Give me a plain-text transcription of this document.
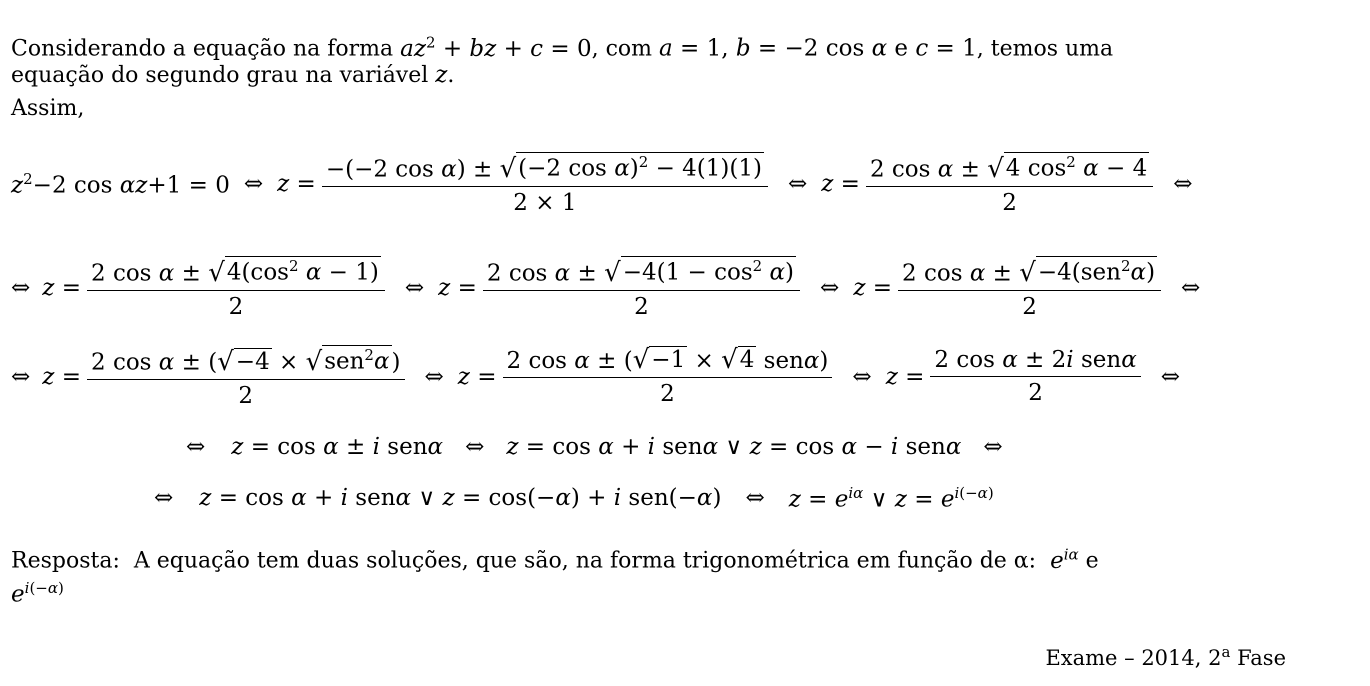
Considerando a equação na forma $az^2$ + bz + c = 0, com a = 1, b = −2 cos α e c = 1, temos uma
equação do segundo grau na variável z.
Assim,
$z^2-2$ cos αz+1 = 0 ⇔ $z = \frac{-(-2 \cos \alpha) \pm √ (-2 \cos \alpha)^2 - 4(1)(1)}{2 \times 1}$ ⇔ $z = \frac{2 \cos \alpha \pm √ 4 \cos^2 \alpha - 4}{2}$ ⇔
⇔ $z = \frac{2 \cos \alpha \pm √ 4(\cos^2 \alpha - 1)}{2}$ ⇔ $z = \frac{2 \cos \alpha \pm √ -4(1 - \cos^2 \alpha)}{2}$ ⇔ $z = \frac{2 \cos \alpha \pm √ -4(sen^2\alpha)}{2}$ ⇔
⇔ $z = \frac{2 \cos \alpha \pm ( √ -4 \times √ sen^2\alpha )}{2}$ ⇔ $z = \frac{\text{2 cos α ± ( √ −1 × √ 4 senα)}}{2}$ ⇔ $z = \frac{\text{2 cos α ± 2i senα}}{2}$ ⇔
⇔ z = cos α ± i senα ⇔ z = cos α + i senα ∨ z = cos α − i senα ⇔
⇔ z = cos α + i senα ∨ z = cos(−α) + i sen(−α) ⇔ $z = e^{i\alpha}$ ∨ $z = e^{i(-\alpha)}$
Resposta: A equação tem duas soluções, que são, na forma trigonométrica em função de α: $e^{i\alpha}$ e
$e^{i(-\alpha)}$
Exame – 2014, 2$^a$ Fase
